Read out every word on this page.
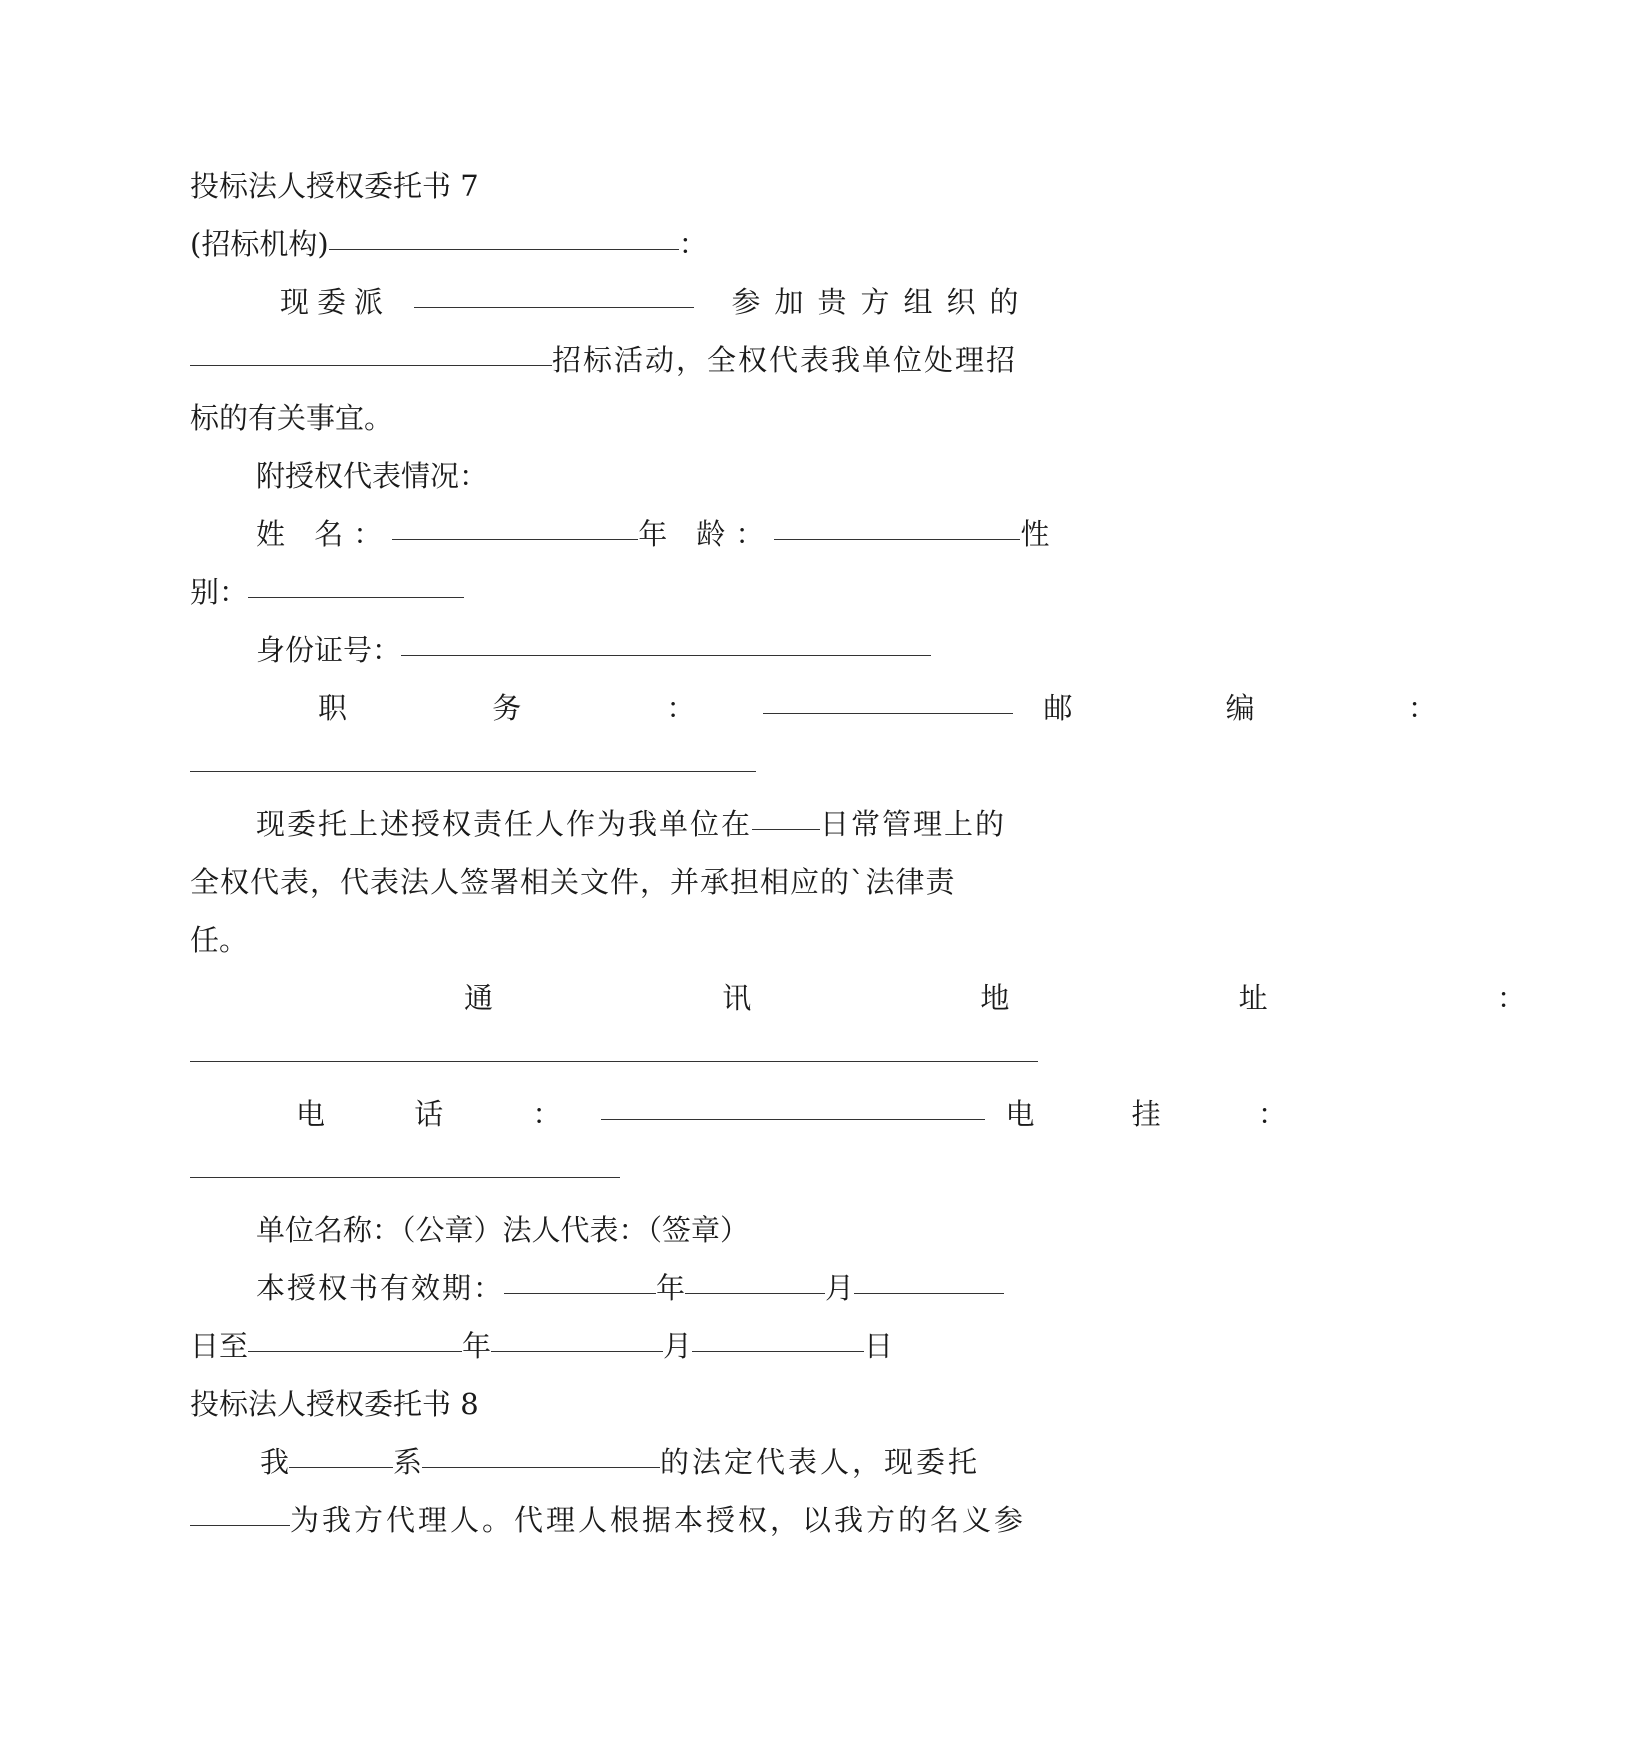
投标法人授权委托书 7
(招标机构)	：
现委派	参加贵方组织的
招标活动，全权代表我单位处理招
标的有关事宜。
附授权代表情况：
姓 名：	年 龄：	性
别：
身份证号：
职 务 ：	邮 编 ：
现委托上述授权责任人作为我单位在 日常管理上的
全权代表，代表法人签署相关文件，并承担相应的`法律责
任。
通 讯 地 址 ：
电 话 ：	电 挂 ：
单位名称：（公章）法人代表：（签章）
本授权书有效期：	年	月
日至	年	月	日
投标法人授权委托书 8
我	系	的法定代表人，现委托
为我方代理人。代理人根据本授权，以我方的名义参
